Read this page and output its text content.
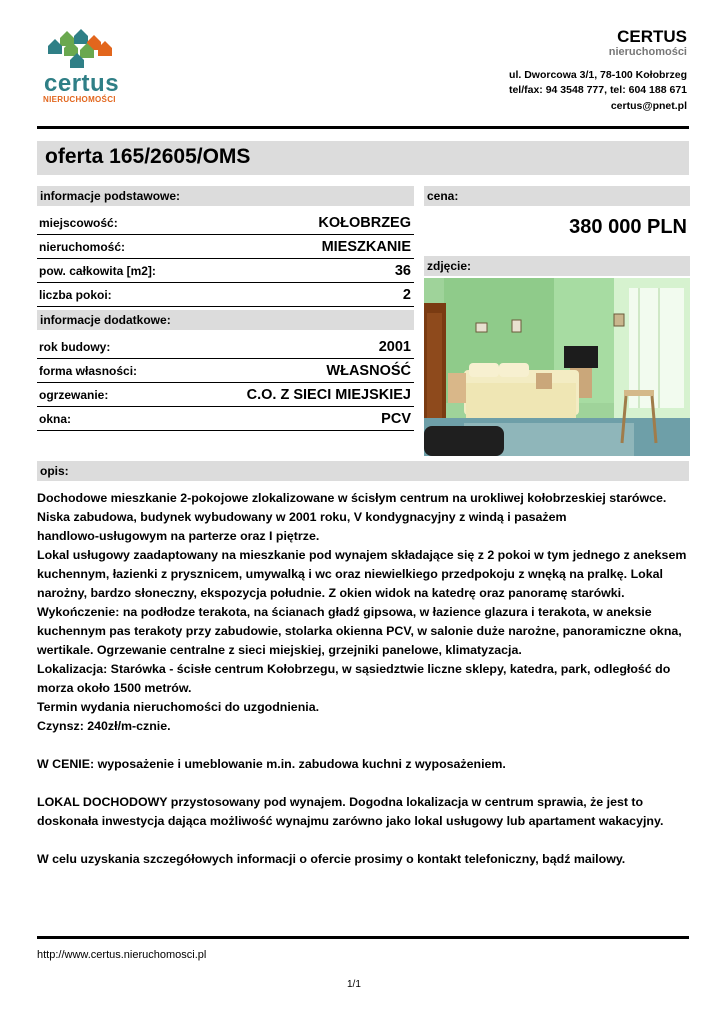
certus
NIERUCHOMOŚCI
CERTUS
nieruchomości
ul. Dworcowa 3/1, 78-100 Kołobrzeg
tel/fax: 94 3548 777, tel: 604 188 671
certus@pnet.pl
oferta 165/2605/OMS
informacje podstawowe:
miejscowość:	KOŁOBRZEG
nieruchomość:	MIESZKANIE
pow. całkowita [m2]:	36
liczba pokoi:	2
informacje dodatkowe:
rok budowy:	2001
forma własności:	WŁASNOŚĆ
ogrzewanie:	C.O. Z SIECI MIEJSKIEJ
okna:	PCV
cena:
380 000 PLN
zdjęcie:
opis:

Dochodowe mieszkanie 2-pokojowe zlokalizowane w ścisłym centrum na urokliwej kołobrzeskiej starówce.

Niska zabudowa, budynek wybudowany w 2001 roku, V kondygnacyjny z windą i pasażem

handlowo-usługowym na parterze oraz I piętrze.

Lokal usługowy zaadaptowany na mieszkanie pod wynajem składające się z 2 pokoi w tym jednego z aneksem

kuchennym, łazienki z prysznicem, umywalką i wc oraz niewielkiego przedpokoju z wnęką na pralkę. Lokal

narożny, bardzo słoneczny, ekspozycja południe. Z okien widok na katedrę oraz panoramę starówki.

Wykończenie: na podłodze terakota, na ścianach gładź gipsowa, w łazience glazura i terakota, w aneksie

kuchennym pas terakoty przy zabudowie, stolarka okienna PCV, w salonie duże narożne, panoramiczne okna,

wertikale. Ogrzewanie centralne z sieci miejskiej, grzejniki panelowe, klimatyzacja.

Lokalizacja: Starówka - ścisłe centrum Kołobrzegu, w sąsiedztwie liczne sklepy, katedra, park, odległość do

morza około 1500 metrów.

Termin wydania nieruchomości do uzgodnienia.

Czynsz: 240zł/m-cznie.

W CENIE: wyposażenie i umeblowanie m.in. zabudowa kuchni z wyposażeniem.

LOKAL DOCHODOWY przystosowany pod wynajem. Dogodna lokalizacja w centrum sprawia, że jest to

doskonała inwestycja dająca możliwość wynajmu zarówno jako lokal usługowy lub apartament wakacyjny.

W celu uzyskania szczegółowych informacji o ofercie prosimy o kontakt telefoniczny, bądź mailowy.

http://www.certus.nieruchomosci.pl
1/1
